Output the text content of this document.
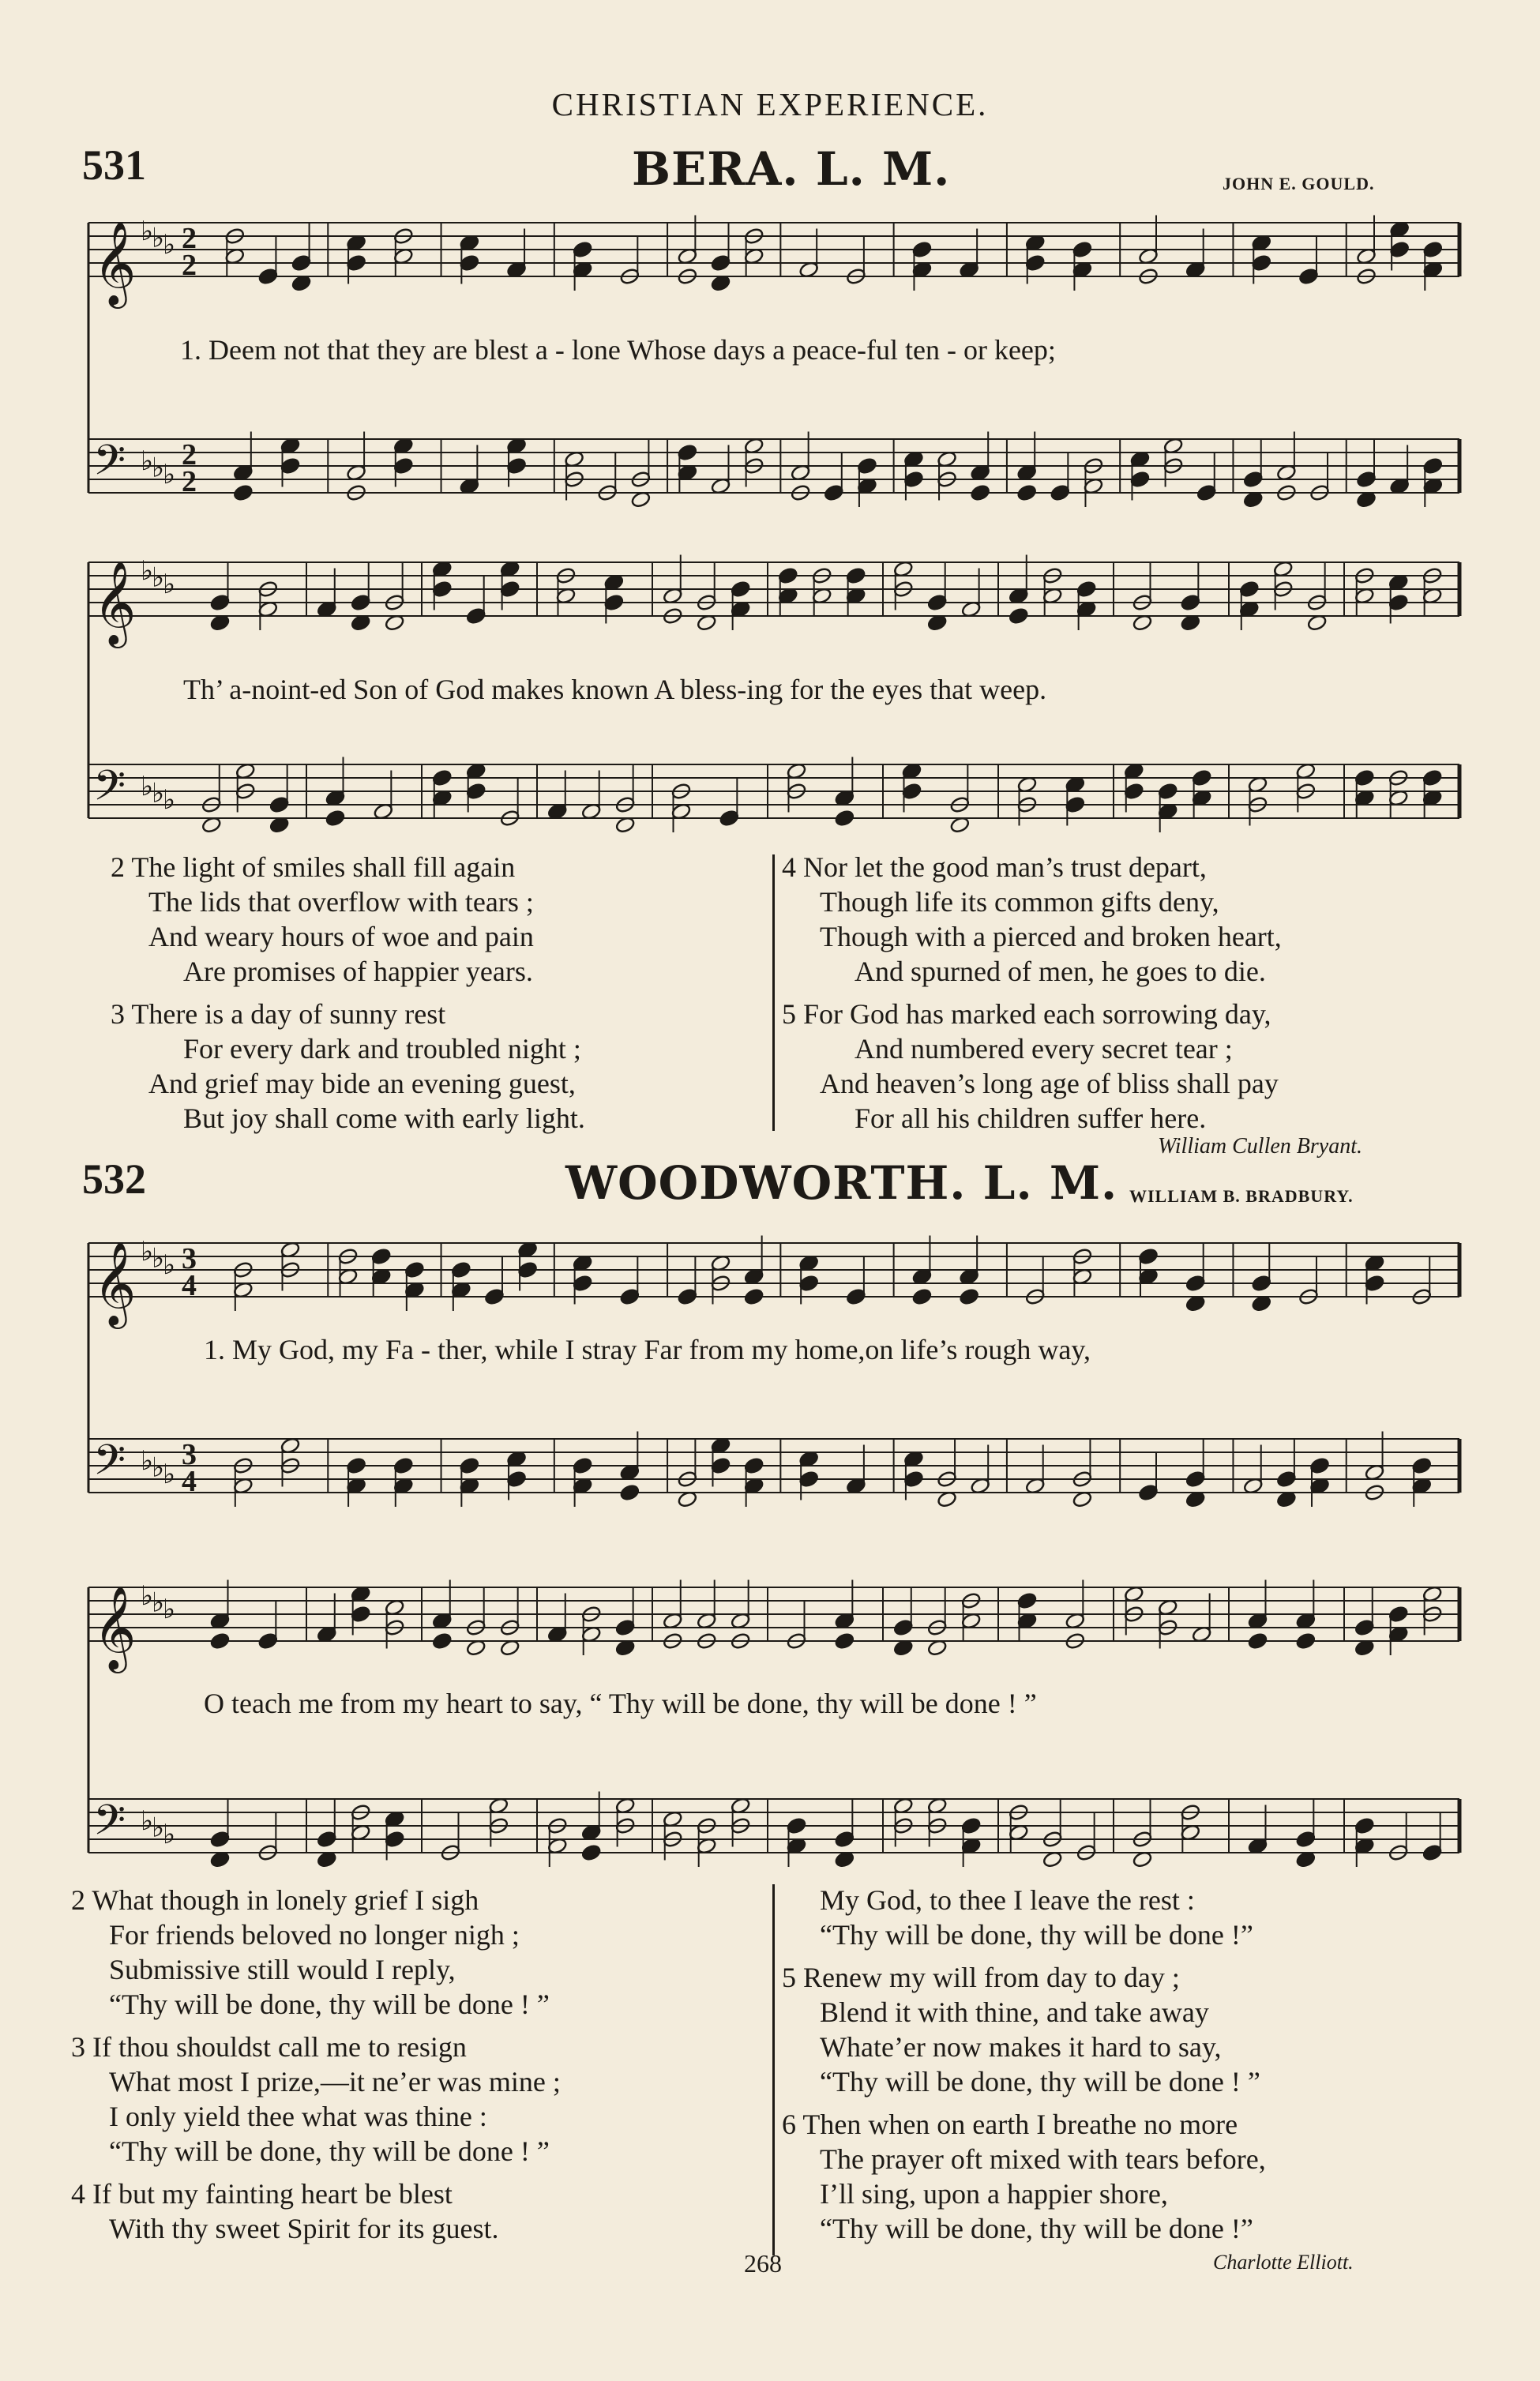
CHRISTIAN EXPERIENCE.
531	BERA. L. M.	JOHN E. GOULD.
𝄞 ♭
♭
♭ 2
2
𝄢 ♭
♭
♭
2
2
𝄞 ♭
♭
♭
𝄢 ♭
♭
♭
𝄞 ♭
♭
♭ 3
4
𝄢 ♭
♭
♭
3
4
𝄞 ♭
♭
♭
𝄢 ♭
♭
♭
1. Deem not that they are blest a - lone Whose days a peace-ful ten - or keep;
Th’ a-noint-ed Son of God makes known A bless-ing for the eyes that weep.
2 The light of smiles shall fill again
The lids that overflow with tears ;
And weary hours of woe and pain
Are promises of happier years.
3 There is a day of sunny rest
For every dark and troubled night ;
And grief may bide an evening guest,
But joy shall come with early light.
4 Nor let the good man’s trust depart,
Though life its common gifts deny,
Though with a pierced and broken heart,
And spurned of men, he goes to die.
5 For God has marked each sorrowing day,
And numbered every secret tear ;
And heaven’s long age of bliss shall pay
For all his children suffer here.
William Cullen Bryant.
532	WOODWORTH. L. M. WILLIAM B. BRADBURY.
1. My God, my Fa - ther, while I stray Far from my home,on life’s rough way,
O teach me from my heart to say, “ Thy will be done, thy will be done ! ”
2 What though in lonely grief I sigh
For friends beloved no longer nigh ;
Submissive still would I reply,
“Thy will be done, thy will be done ! ”
3 If thou shouldst call me to resign
What most I prize,—it ne’er was mine ;
I only yield thee what was thine :
“Thy will be done, thy will be done ! ”
4 If but my fainting heart be blest
With thy sweet Spirit for its guest.
My God, to thee I leave the rest :
“Thy will be done, thy will be done !”
5 Renew my will from day to day ;
Blend it with thine, and take away
Whate’er now makes it hard to say,
“Thy will be done, thy will be done ! ”
6 Then when on earth I breathe no more
The prayer oft mixed with tears before,
I’ll sing, upon a happier shore,
“Thy will be done, thy will be done !”
268	Charlotte Elliott.
